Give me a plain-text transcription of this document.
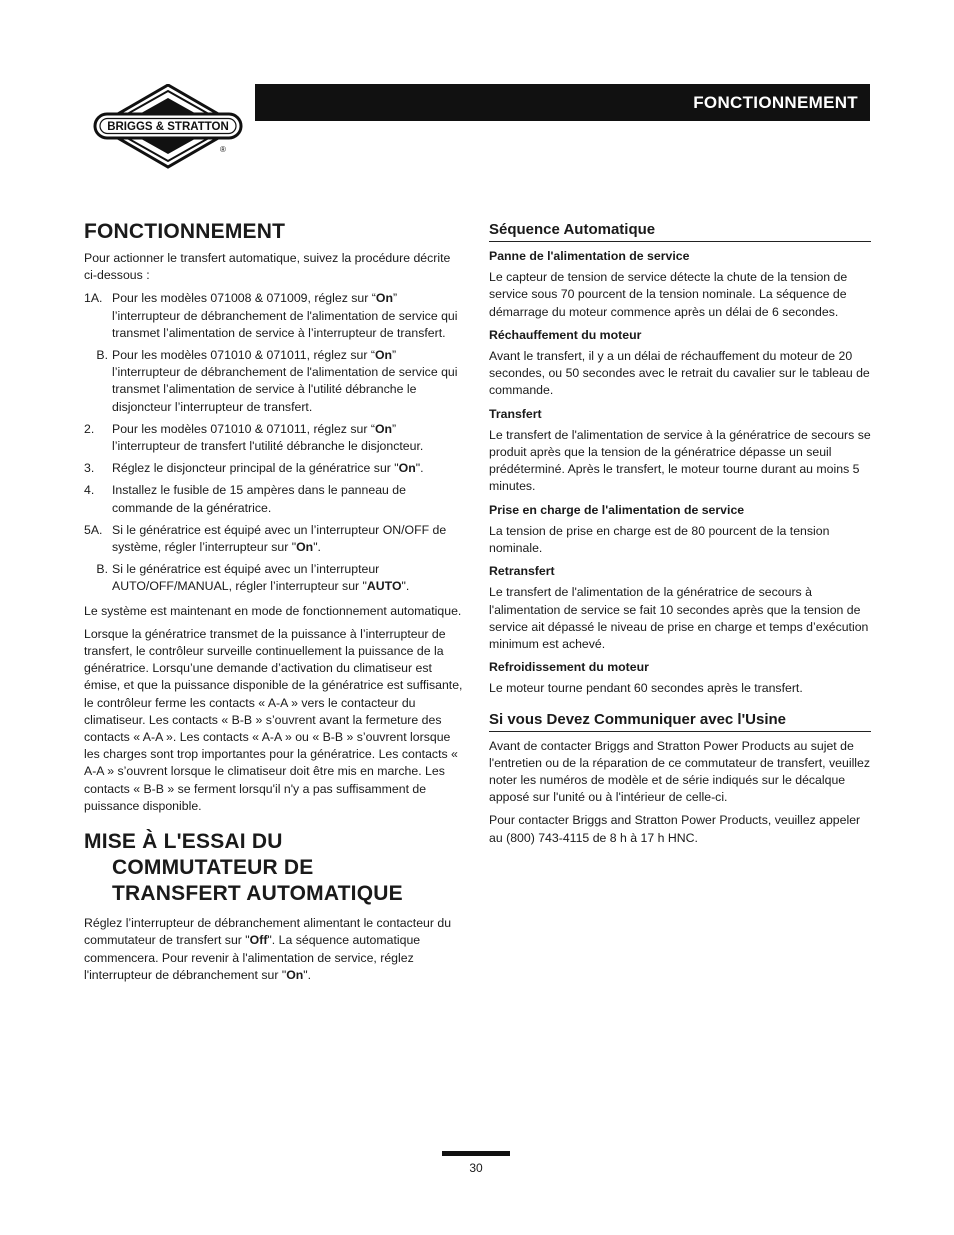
BRIGGS & STRATTON
®
FONCTIONNEMENT
FONCTIONNEMENT

Pour actionner le transfert automatique, suivez la procédure décrite ci-dessous :

1A. Pour les modèles 071008 & 071009, réglez sur “On” l’interrupteur de débranchement de l'alimentation de service qui transmet l’alimentation de service à l’interrupteur de transfert.
B. Pour les modèles 071010 & 071011, réglez sur “On” l’interrupteur de débranchement de l'alimentation de service qui transmet l’alimentation de service à l'utilité débranche le disjoncteur l’interrupteur de transfert.
2.	Pour les modèles 071010 & 071011, réglez sur “On” l’interrupteur de transfert l'utilité débranche le disjoncteur.
3.	Réglez le disjoncteur principal de la génératrice sur "On".
4.	Installez le fusible de 15 ampères dans le panneau de commande de la génératrice.
5A. Si le génératrice est équipé avec un l’interrupteur ON/OFF de système, régler l’interrupteur sur "On".
B. Si le génératrice est équipé avec un l’interrupteur AUTO/OFF/MANUAL, régler l’interrupteur sur "AUTO".

Le système est maintenant en mode de fonctionnement automatique.

Lorsque la génératrice transmet de la puissance à l’interrupteur de transfert, le contrôleur surveille continuellement la puissance de la génératrice. Lorsqu’une demande d’activation du climatiseur est émise, et que la puissance disponible de la génératrice est suffisante, le contrôleur ferme les contacts « A-A » vers le contacteur du climatiseur. Les contacts « B-B » s’ouvrent avant la fermeture des contacts « A-A ». Les contacts « A-A » ou « B-B » s’ouvrent lorsque les charges sont trop importantes pour la génératrice. Les contacts « A-A » s’ouvrent lorsque le climatiseur doit être mis en marche. Les contacts « B-B » se ferment lorsqu'il n'y a pas suffisamment de puissance disponible.

MISE À L'ESSAI DU
COMMUTATEUR DE
TRANSFERT AUTOMATIQUE

Réglez l’interrupteur de débranchement alimentant le contacteur du commutateur de transfert sur "Off". La séquence automatique commencera. Pour revenir à l'alimentation de service, réglez l'interrupteur de débranchement sur "On".

Séquence Automatique

Panne de l'alimentation de service

Le capteur de tension de service détecte la chute de la tension de service sous 70 pourcent de la tension nominale. La séquence de démarrage du moteur commence après un délai de 6 secondes.

Réchauffement du moteur

Avant le transfert, il y a un délai de réchauffement du moteur de 20 secondes, ou 50 secondes avec le retrait du cavalier sur le tableau de commande.

Transfert

Le transfert de l'alimentation de service à la génératrice de secours se produit après que la tension de la génératrice dépasse un seuil prédéterminé. Après le transfert, le moteur tourne durant au moins 5 minutes.

Prise en charge de l'alimentation de service

La tension de prise en charge est de 80 pourcent de la tension nominale.

Retransfert

Le transfert de l'alimentation de la génératrice de secours à l'alimentation de service se fait 10 secondes après que la tension de service ait dépassé le niveau de prise en charge et temps d’exécution minimum est achevé.

Refroidissement du moteur

Le moteur tourne pendant 60 secondes après le transfert.

Si vous Devez Communiquer avec l'Usine

Avant de contacter Briggs and Stratton Power Products au sujet de l'entretien ou de la réparation de ce commutateur de transfert, veuillez noter les numéros de modèle et de série indiqués sur le décalque apposé sur l'unité ou à l'intérieur de celle-ci.

Pour contacter Briggs and Stratton Power Products, veuillez appeler au (800) 743-4115 de 8 h à 17 h HNC.

30
